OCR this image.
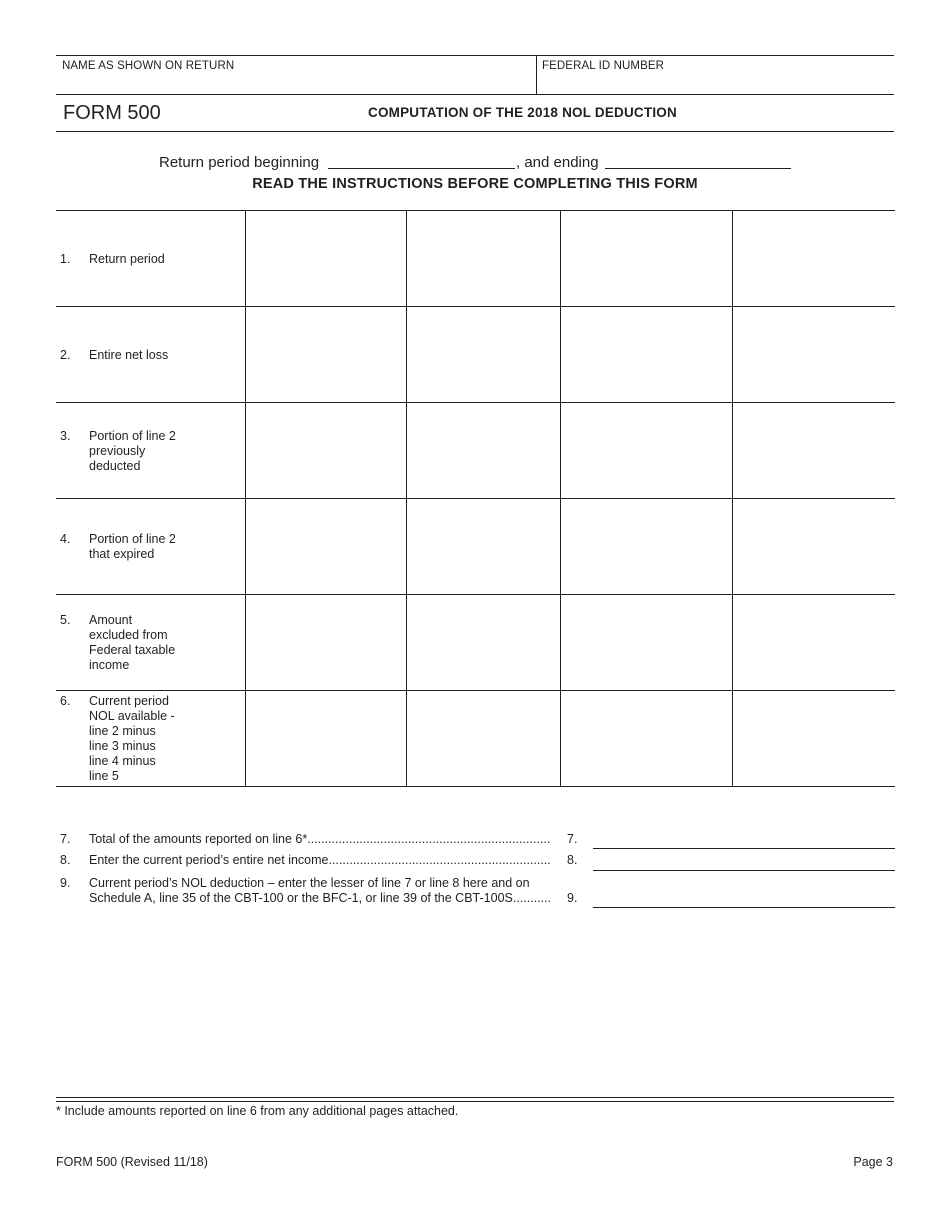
NAME AS SHOWN ON RETURN	FEDERAL ID NUMBER
FORM 500	COMPUTATION OF THE 2018 NOL DEDUCTION
Return period beginning	, and ending
READ THE INSTRUCTIONS BEFORE COMPLETING THIS FORM
1. Return period
2. Entire net loss
3. Portion of line 2
previously
deducted
4. Portion of line 2
that expired
5. Amount
excluded from
Federal taxable
income
6. Current period
NOL available -
line 2 minus
line 3 minus
line 4 minus
line 5
7. Total of the amounts reported on line 6*......................................................................	7.
8. Enter the current period’s entire net income................................................................	8.
9. Current period’s NOL deduction – enter the lesser of line 7 or line 8 here and on
Schedule A, line 35 of the CBT-100 or the BFC-1, or line 39 of the CBT-100S...........	9.
* Include amounts reported on line 6 from any additional pages attached.
FORM 500 (Revised 11/18)	Page 3
